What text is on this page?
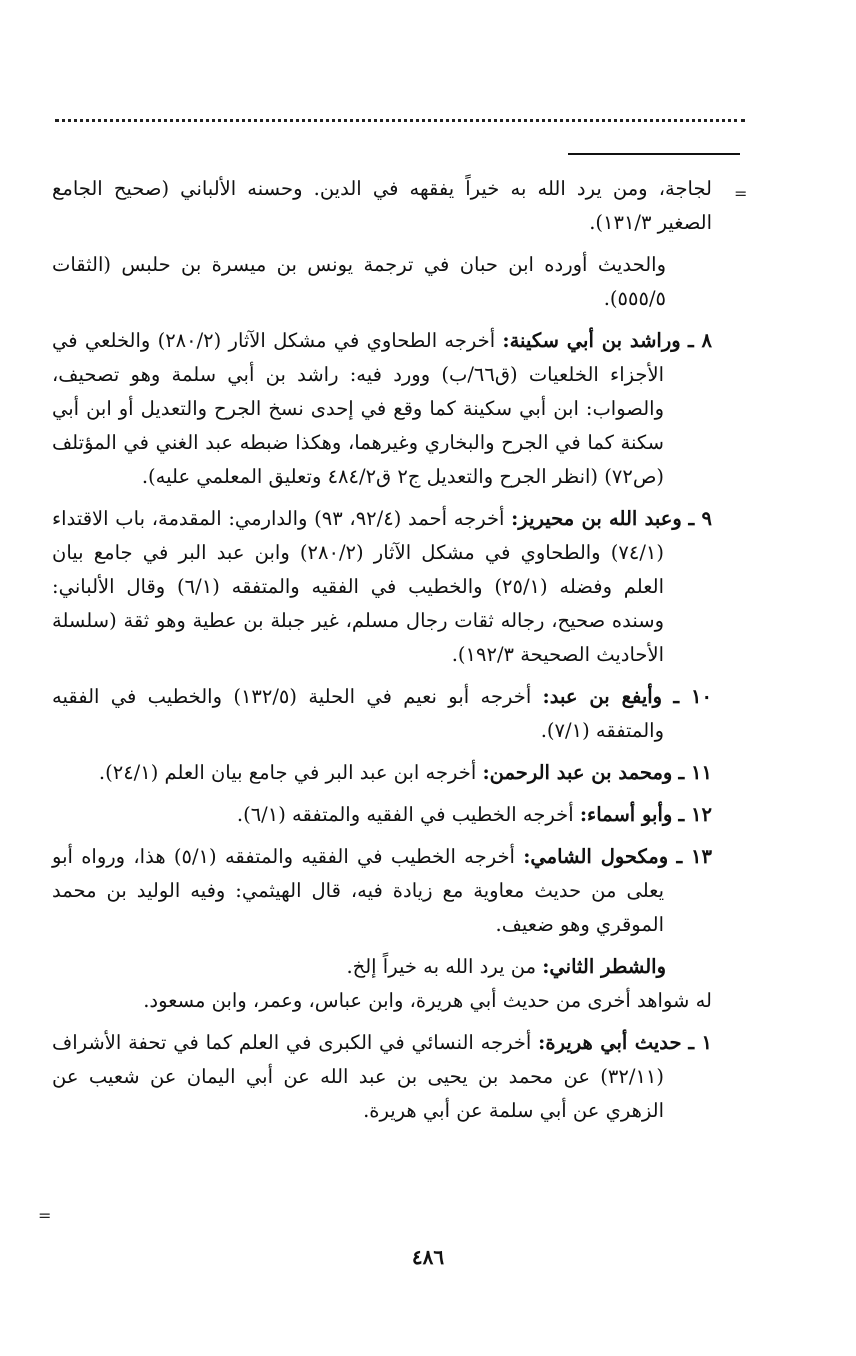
=
=

لجاجة، ومن يرد الله به خيراً يفقهه في الدين. وحسنه الألباني (صحيح الجامع الصغير ١٣١/٣).

والحديث أورده ابن حبان في ترجمة يونس بن ميسرة بن حلبس (الثقات ٥٥٥/٥).

٨ ـ وراشد بن أبي سكينة: أخرجه الطحاوي في مشكل الآثار (٢٨٠/٢) والخلعي في الأجزاء الخلعيات (ق٦٦/ب) وورد فيه: راشد بن أبي سلمة وهو تصحيف، والصواب: ابن أبي سكينة كما وقع في إحدى نسخ الجرح والتعديل أو ابن أبي سكنة كما في الجرح والبخاري وغيرهما، وهكذا ضبطه عبد الغني في المؤتلف (ص٧٢) (انظر الجرح والتعديل ج٢ ق٤٨٤/٢ وتعليق المعلمي عليه).

٩ ـ وعبد الله بن محيريز: أخرجه أحمد (٩٢/٤، ٩٣) والدارمي: المقدمة، باب الاقتداء (٧٤/١) والطحاوي في مشكل الآثار (٢٨٠/٢) وابن عبد البر في جامع بيان العلم وفضله (٢٥/١) والخطيب في الفقيه والمتفقه (٦/١) وقال الألباني: وسنده صحيح، رجاله ثقات رجال مسلم، غير جبلة بن عطية وهو ثقة (سلسلة الأحاديث الصحيحة ١٩٢/٣).

١٠ ـ وأيفع بن عبد: أخرجه أبو نعيم في الحلية (١٣٢/٥) والخطيب في الفقيه والمتفقه (٧/١).

١١ ـ ومحمد بن عبد الرحمن: أخرجه ابن عبد البر في جامع بيان العلم (٢٤/١).

١٢ ـ وأبو أسماء: أخرجه الخطيب في الفقيه والمتفقه (٦/١).

١٣ ـ ومكحول الشامي: أخرجه الخطيب في الفقيه والمتفقه (٥/١) هذا، ورواه أبو يعلى من حديث معاوية مع زيادة فيه، قال الهيثمي: وفيه الوليد بن محمد الموقري وهو ضعيف.

والشطر الثاني: من يرد الله به خيراً إلخ.

له شواهد أخرى من حديث أبي هريرة، وابن عباس، وعمر، وابن مسعود.

١ ـ حديث أبي هريرة: أخرجه النسائي في الكبرى في العلم كما في تحفة الأشراف (٣٢/١١) عن محمد بن يحيى بن عبد الله عن أبي اليمان عن شعيب عن الزهري عن أبي سلمة عن أبي هريرة.

٤٨٦
